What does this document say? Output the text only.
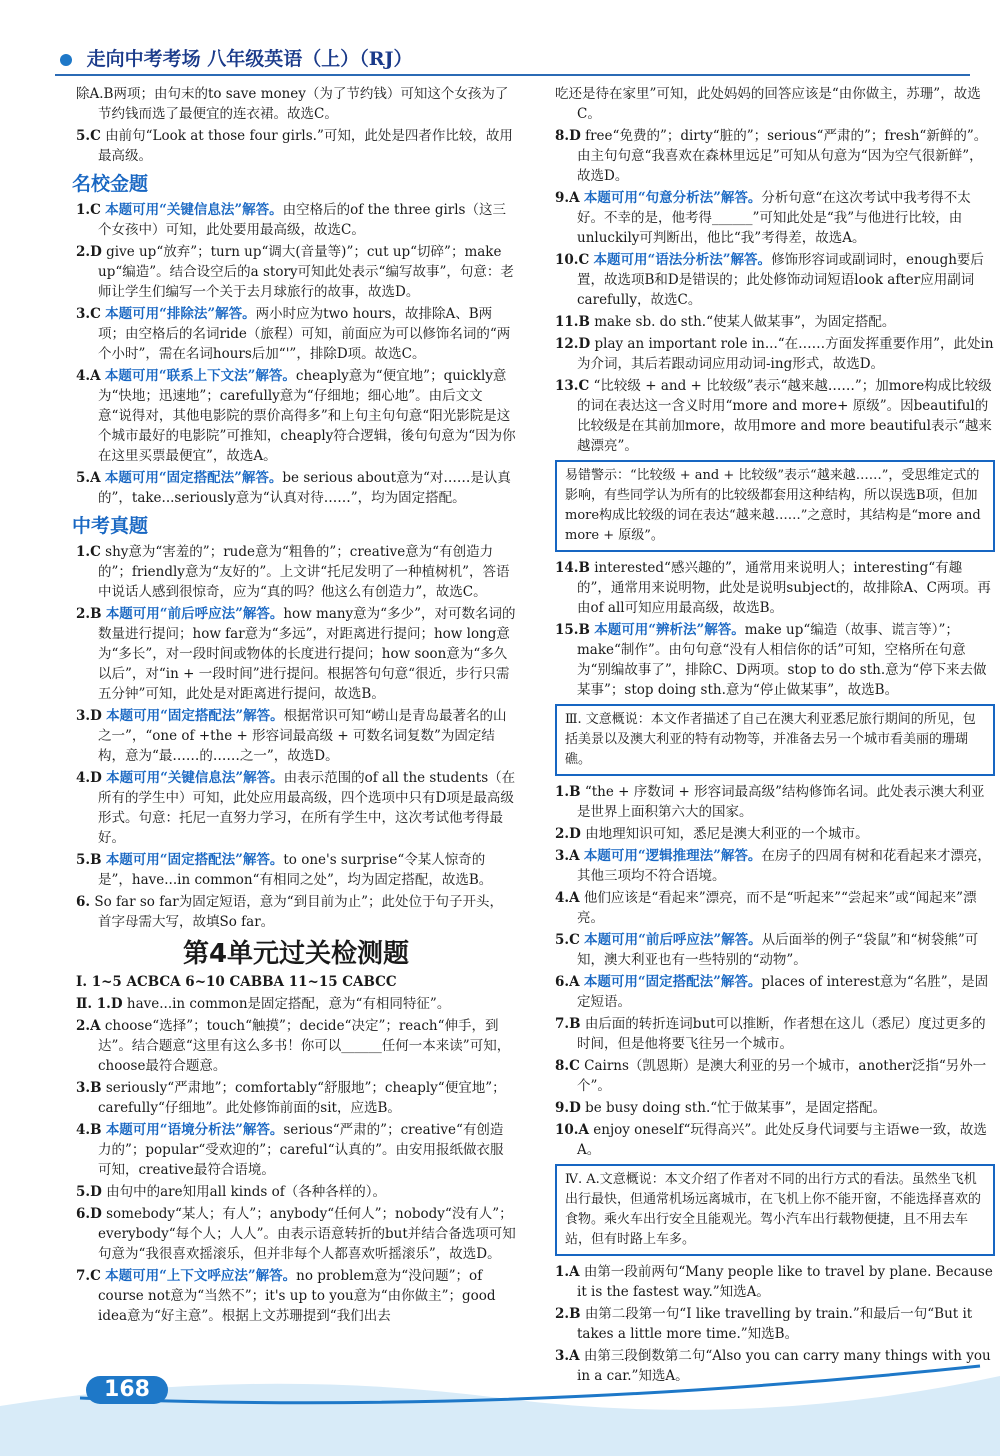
走向中考考场 八年级英语（上）（RJ）
除A.B两项；由句末的to save money（为了节约钱）可知这个女孩为了节约钱而选了最便宜的连衣裙。故选C。
5.C 由前句“Look at those four girls.”可知，此处是四者作比较，故用最高级。
名校金题
1.C 本题可用“关键信息法”解答。由空格后的of the three girls（这三个女孩中）可知，此处要用最高级，故选C。
2.D give up“放弃”；turn up“调大(音量等)”；cut up“切碎”；make up“编造”。结合设空后的a story可知此处表示“编写故事”，句意：老师让学生们编写一个关于去月球旅行的故事，故选D。
3.C 本题可用“排除法”解答。两小时应为two hours，故排除A、B两项；由空格后的名词ride（旅程）可知，前面应为可以修饰名词的“两个小时”，需在名词hours后加“'”，排除D项。故选C。
4.A 本题可用“联系上下文法”解答。cheaply意为“便宜地”；quickly意为“快地；迅速地”；carefully意为“仔细地；细心地”。由后文文意“说得对，其他电影院的票价高得多”和上句主句句意“阳光影院是这个城市最好的电影院”可推知，cheaply符合逻辑，後句句意为“因为你在这里买票最便宜”，故选A。
5.A 本题可用“固定搭配法”解答。be serious about意为“对……是认真的”，take...seriously意为“认真对待……”，均为固定搭配。
中考真题
1.C shy意为“害羞的”；rude意为“粗鲁的”；creative意为“有创造力的”；friendly意为“友好的”。上文讲“托尼发明了一种植树机”，答语中说话人感到很惊奇，应为“真的吗？他这么有创造力”，故选C。
2.B 本题可用“前后呼应法”解答。how many意为“多少”，对可数名词的数量进行提问；how far意为“多远”，对距离进行提问；how long意为“多长”，对一段时间或物体的长度进行提问；how soon意为“多久以后”，对“in + 一段时间”进行提问。根据答句句意“很近，步行只需五分钟”可知，此处是对距离进行提问，故选B。
3.D 本题可用“固定搭配法”解答。根据常识可知“崂山是青岛最著名的山之一”，“one of +the + 形容词最高级 + 可数名词复数”为固定结构，意为“最……的……之一”，故选D。
4.D 本题可用“关键信息法”解答。由表示范围的of all the students（在所有的学生中）可知，此处应用最高级，四个选项中只有D项是最高级形式。句意：托尼一直努力学习，在所有学生中，这次考试他考得最好。
5.B 本题可用“固定搭配法”解答。to one's surprise“令某人惊奇的是”，have...in common“有相同之处”，均为固定搭配，故选B。
6. So far so far为固定短语，意为“到目前为止”；此处位于句子开头，首字母需大写，故填So far。
第4单元过关检测题
Ⅰ. 1~5 ACBCA 6~10 CABBA 11~15 CABCC
Ⅱ. 1.D have...in common是固定搭配，意为“有相同特征”。
2.A choose“选择”；touch“触摸”；decide“决定”；reach“伸手，到达”。结合题意“这里有这么多书！你可以______任何一本来读”可知，choose最符合题意。
3.B seriously“严肃地”；comfortably“舒服地”；cheaply“便宜地”；carefully“仔细地”。此处修饰前面的sit，应选B。
4.B 本题可用“语境分析法”解答。serious“严肃的”；creative“有创造力的”；popular“受欢迎的”；careful“认真的”。由安用报纸做衣服可知，creative最符合语境。
5.D 由句中的are知用all kinds of（各种各样的）。
6.D somebody“某人；有人”；anybody“任何人”；nobody“没有人”；everybody“每个人；人人”。由表示语意转折的but并结合备选项可知句意为“我很喜欢摇滚乐，但并非每个人都喜欢听摇滚乐”，故选D。
7.C 本题可用“上下文呼应法”解答。no problem意为“没问题”；of course not意为“当然不”；it's up to you意为“由你做主”；good idea意为“好主意”。根据上文苏珊提到“我们出去
吃还是待在家里”可知，此处妈妈的回答应该是“由你做主，苏珊”，故选C。
8.D free“免费的”；dirty“脏的”；serious“严肃的”；fresh“新鲜的”。由主句句意“我喜欢在森林里远足”可知从句意为“因为空气很新鲜”，故选D。
9.A 本题可用“句意分析法”解答。分析句意“在这次考试中我考得不太好。不幸的是，他考得______”可知此处是“我”与他进行比较，由unluckily可判断出，他比“我”考得差，故选A。
10.C 本题可用“语法分析法”解答。修饰形容词或副词时，enough要后置，故选项B和D是错误的；此处修饰动词短语look after应用副词carefully，故选C。
11.B make sb. do sth.“使某人做某事”，为固定搭配。
12.D play an important role in...“在……方面发挥重要作用”，此处in为介词，其后若跟动词应用动词-ing形式，故选D。
13.C “比较级 + and + 比较级”表示“越来越……”；加more构成比较级的词在表达这一含义时用“more and more+ 原级”。因beautiful的比较级是在其前加more，故用more and more beautiful表示“越来越漂亮”。
易错警示：“比较级 + and + 比较级”表示“越来越……”，受思维定式的影响，有些同学认为所有的比较级都套用这种结构，所以误选B项，但加more构成比较级的词在表达“越来越……”之意时，其结构是“more and more + 原级”。
14.B interested“感兴趣的”，通常用来说明人；interesting“有趣的”，通常用来说明物，此处是说明subject的，故排除A、C两项。再由of all可知应用最高级，故选B。
15.B 本题可用“辨析法”解答。make up“编造（故事、谎言等）”；make“制作”。由句句意“没有人相信你的话”可知，空格所在句意为“别编故事了”，排除C、D两项。stop to do sth.意为“停下来去做某事”；stop doing sth.意为“停止做某事”，故选B。
Ⅲ. 文意概说：本文作者描述了自己在澳大利亚悉尼旅行期间的所见，包括美景以及澳大利亚的特有动物等，并准备去另一个城市看美丽的珊瑚礁。
1.B “the + 序数词 + 形容词最高级”结构修饰名词。此处表示澳大利亚是世界上面积第六大的国家。
2.D 由地理知识可知，悉尼是澳大利亚的一个城市。
3.A 本题可用“逻辑推理法”解答。在房子的四周有树和花看起来才漂亮，其他三项均不符合语境。
4.A 他们应该是“看起来”漂亮，而不是“听起来”“尝起来”或“闻起来”漂亮。
5.C 本题可用“前后呼应法”解答。从后面举的例子“袋鼠”和“树袋熊”可知，澳大利亚也有一些特别的“动物”。
6.A 本题可用“固定搭配法”解答。places of interest意为“名胜”，是固定短语。
7.B 由后面的转折连词but可以推断，作者想在这儿（悉尼）度过更多的时间，但是他将要飞往另一个城市。
8.C Cairns（凯恩斯）是澳大利亚的另一个城市，another泛指“另外一个”。
9.D be busy doing sth.“忙于做某事”，是固定搭配。
10.A enjoy oneself“玩得高兴”。此处反身代词要与主语we一致，故选A。
Ⅳ. A.文意概说：本文介绍了作者对不同的出行方式的看法。虽然坐飞机出行最快，但通常机场远离城市，在飞机上你不能开窗，不能选择喜欢的食物。乘火车出行安全且能观光。驾小汽车出行载物便捷，且不用去车站，但有时路上车多。
1.A 由第一段前两句“Many people like to travel by plane. Because it is the fastest way.”知选A。
2.B 由第二段第一句“I like travelling by train.”和最后一句“But it takes a little more time.”知选B。
3.A 由第三段倒数第二句“Also you can carry many things with you in a car.”知选A。
168
